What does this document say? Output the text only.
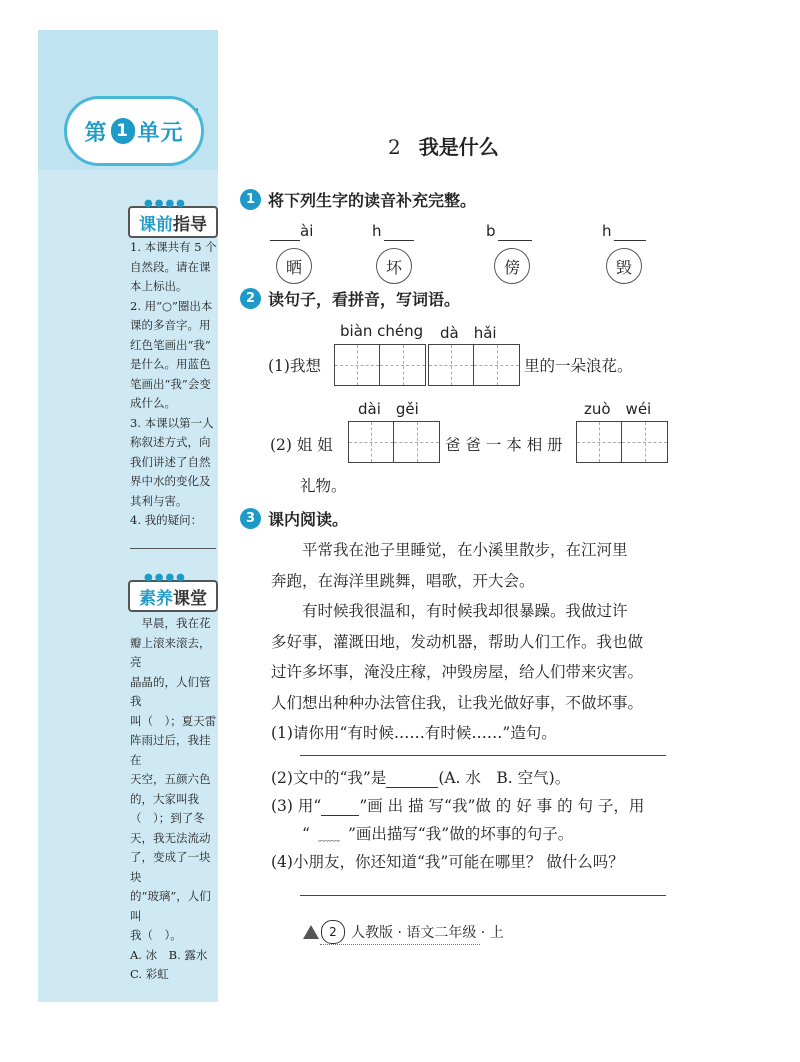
第 1 单元
●●●●
课前 指导

1. 本课共有 5 个

自然段。请在课

本上标出。

2. 用“○”圈出本

课的多音字。用

红色笔画出“我”

是什么。用蓝色

笔画出“我”会变

成什么。

3. 本课以第一人

称叙述方式，向

我们讲述了自然

界中水的变化及

其利与害。

4. 我的疑问：

●●●●
素养 课堂

　早晨，我在花

瓣上滚来滚去，亮

晶晶的，人们管我

叫（　）；夏天雷

阵雨过后，我挂在

天空，五颜六色

的，大家叫我

（　）；到了冬

天，我无法流动

了，变成了一块块

的“玻璃”，人们叫

我（　）。

A. 冰　B. 露水

C. 彩虹

2 我是什么
1 将下列生字的读音补充完整。
ài	h	b	h
晒	坏	傍	毁
2 读句子，看拼音，写词语。
biàn chéng dà　hǎi
(1)我想	里的一朵浪花。
dài　gěi	zuò　wéi
(2) 姐 姐	爸 爸 一 本 相 册
礼物。
3 课内阅读。

　　平常我在池子里睡觉，在小溪里散步，在江河里

奔跑，在海洋里跳舞，唱歌，开大会。

　　有时候我很温和，有时候我却很暴躁。我做过许

多好事，灌溉田地，发动机器，帮助人们工作。我也做

过许多坏事，淹没庄稼，冲毁房屋，给人们带来灾害。

人们想出种种办法管住我，让我光做好事，不做坏事。

(1)请你用“有时候……有时候……”造句。

(2)文中的“我”是	(A. 水　B. 空气)。
(3) 用“ ”画 出 描 写“我”做 的 好 事 的 句 子，用
“ ﹏﹏ ”画出描写“我”做的坏事的句子。
(4)小朋友，你还知道“我”可能在哪里？ 做什么吗？
2	人教版 · 语文二年级 · 上
